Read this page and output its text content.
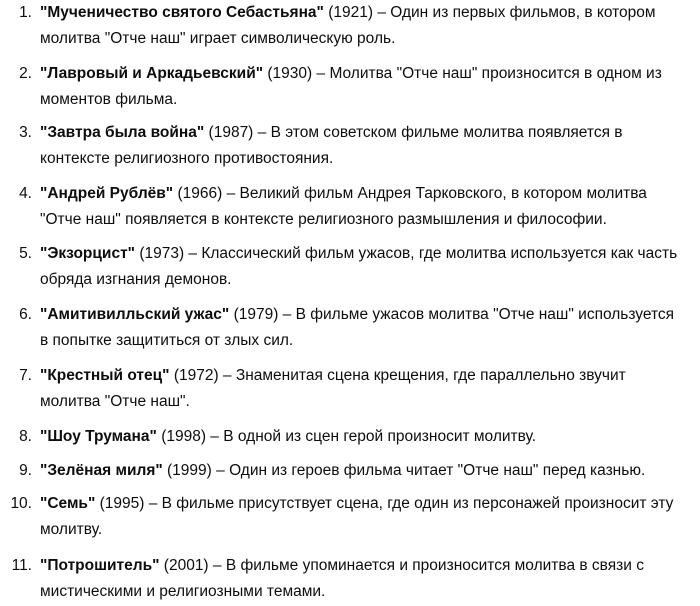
1. "Мученичество святого Себастьяна" (1921) – Один из первых фильмов, в котором молитва "Отче наш" играет символическую роль.
2. "Лавровый и Аркадьевский" (1930) – Молитва "Отче наш" произносится в одном из моментов фильма.
3. "Завтра была война" (1987) – В этом советском фильме молитва появляется в контексте религиозного противостояния.
4. "Андрей Рублёв" (1966) – Великий фильм Андрея Тарковского, в котором молитва "Отче наш" появляется в контексте религиозного размышления и философии.
5. "Экзорцист" (1973) – Классический фильм ужасов, где молитва используется как часть обряда изгнания демонов.
6. "Амитивилльский ужас" (1979) – В фильме ужасов молитва "Отче наш" используется в попытке защититься от злых сил.
7. "Крестный отец" (1972) – Знаменитая сцена крещения, где параллельно звучит молитва "Отче наш".
8. "Шоу Трумана" (1998) – В одной из сцен герой произносит молитву.
9. "Зелёная миля" (1999) – Один из героев фильма читает "Отче наш" перед казнью.
10. "Семь" (1995) – В фильме присутствует сцена, где один из персонажей произносит эту молитву.
11. "Потрошитель" (2001) – В фильме упоминается и произносится молитва в связи с мистическими и религиозными темами.
